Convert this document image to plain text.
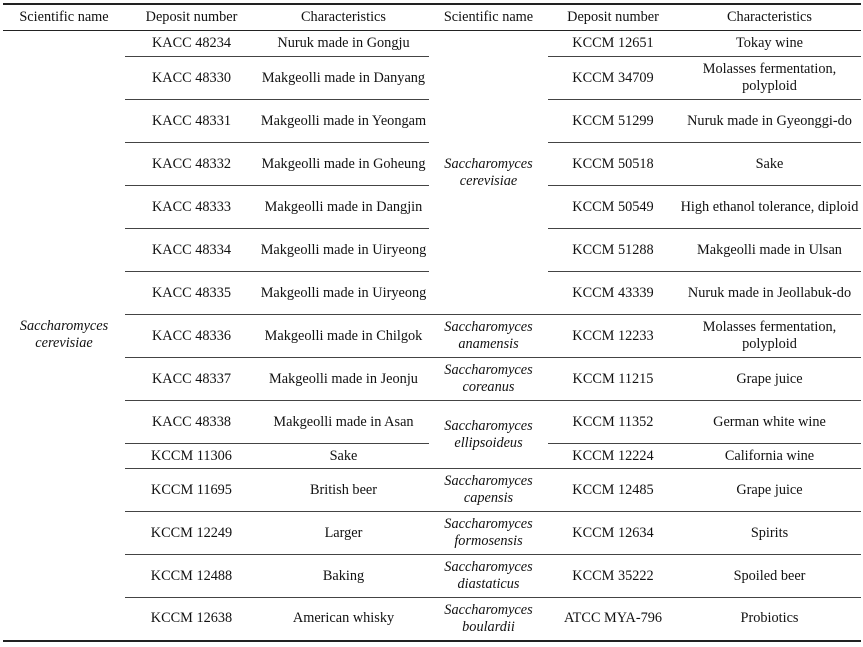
Scientific name	Deposit number	Characteristics	Scientific name	Deposit number	Characteristics
Saccharomyces cerevisiae	KACC 48234	Nuruk made in Gongju	Saccharomyces cerevisiae	KCCM 12651	Tokay wine
	KACC 48330	Makgeolli made in Danyang		KCCM 34709	Molasses fermentation, polyploid
	KACC 48331	Makgeolli made in Yeongam		KCCM 51299	Nuruk made in Gyeonggi-do
	KACC 48332	Makgeolli made in Goheung		KCCM 50518	Sake
	KACC 48333	Makgeolli made in Dangjin		KCCM 50549	High ethanol tolerance, diploid
	KACC 48334	Makgeolli made in Uiryeong		KCCM 51288	Makgeolli made in Ulsan
	KACC 48335	Makgeolli made in Uiryeong		KCCM 43339	Nuruk made in Jeollabuk-do
	KACC 48336	Makgeolli made in Chilgok	Saccharomyces anamensis	KCCM 12233	Molasses fermentation, polyploid
	KACC 48337	Makgeolli made in Jeonju	Saccharomyces coreanus	KCCM 11215	Grape juice
	KACC 48338	Makgeolli made in Asan	Saccharomyces ellipsoideus	KCCM 11352	German white wine
	KCCM 11306	Sake		KCCM 12224	California wine
	KCCM 11695	British beer	Saccharomyces capensis	KCCM 12485	Grape juice
	KCCM 12249	Larger	Saccharomyces formosensis	KCCM 12634	Spirits
	KCCM 12488	Baking	Saccharomyces diastaticus	KCCM 35222	Spoiled beer
	KCCM 12638	American whisky	Saccharomyces boulardii	ATCC MYA-796	Probiotics
